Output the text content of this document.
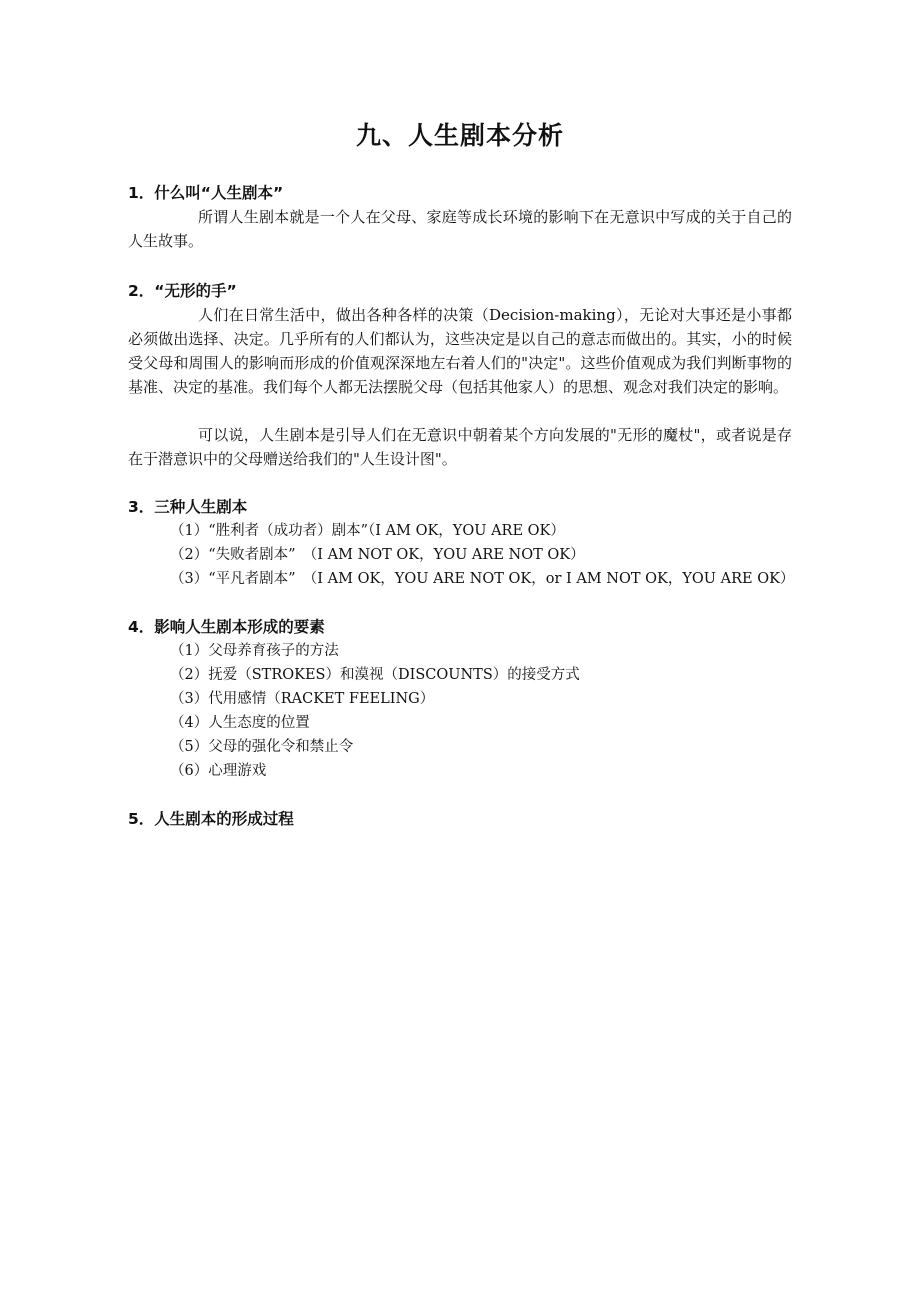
九、人生剧本分析
1．什么叫“人生剧本”
所谓人生剧本就是一个人在父母、家庭等成长环境的影响下在无意识中写成的关于自己的人生故事。
2．“无形的手”
人们在日常生活中，做出各种各样的决策（Decision-making），无论对大事还是小事都必须做出选择、决定。几乎所有的人们都认为，这些决定是以自己的意志而做出的。其实，小的时候受父母和周围人的影响而形成的价值观深深地左右着人们的"决定"。这些价值观成为我们判断事物的基准、决定的基准。我们每个人都无法摆脱父母（包括其他家人）的思想、观念对我们决定的影响。
可以说，人生剧本是引导人们在无意识中朝着某个方向发展的"无形的魔杖"，或者说是存在于潜意识中的父母赠送给我们的"人生设计图"。
3．三种人生剧本
（1）“胜利者（成功者）剧本”（I AM OK，YOU ARE OK）
（2）“失败者剧本”　（I AM NOT OK，YOU ARE NOT OK）
（3）“平凡者剧本”　（I AM OK，YOU ARE NOT OK，or I AM NOT OK，YOU ARE OK）
4．影响人生剧本形成的要素
（1）父母养育孩子的方法
（2）抚爱（STROKES）和漠视（DISCOUNTS）的接受方式
（3）代用感情（RACKET FEELING）
（4）人生态度的位置
（5）父母的强化令和禁止令
（6）心理游戏
5．人生剧本的形成过程
